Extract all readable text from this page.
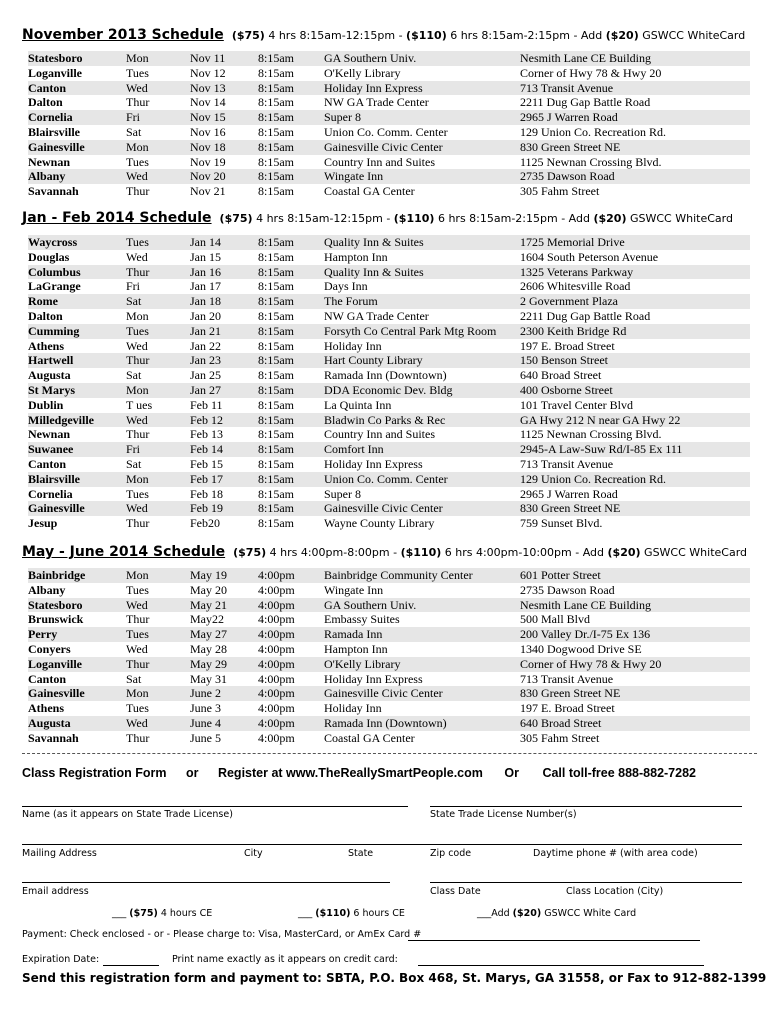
November 2013 Schedule ($75) 4 hrs 8:15am-12:15pm - ($110) 6 hrs 8:15am-2:15pm - Add ($20) GSWCC WhiteCard
Statesboro	Mon	Nov 11	8:15am	GA Southern Univ.	Nesmith Lane CE Building
Loganville	Tues	Nov 12	8:15am	O'Kelly Library	Corner of Hwy 78 & Hwy 20
Canton	Wed	Nov 13	8:15am	Holiday Inn Express	713 Transit Avenue
Dalton	Thur	Nov 14	8:15am	NW GA Trade Center	2211 Dug Gap Battle Road
Cornelia	Fri	Nov 15	8:15am	Super 8	2965 J Warren Road
Blairsville	Sat	Nov 16	8:15am	Union Co. Comm. Center	129 Union Co. Recreation Rd.
Gainesville	Mon	Nov 18	8:15am	Gainesville Civic Center	830 Green Street NE
Newnan	Tues	Nov 19	8:15am	Country Inn and Suites	1125 Newnan Crossing Blvd.
Albany	Wed	Nov 20	8:15am	Wingate Inn	2735 Dawson Road
Savannah	Thur	Nov 21	8:15am	Coastal GA Center	305 Fahm Street
Jan - Feb 2014 Schedule ($75) 4 hrs 8:15am-12:15pm - ($110) 6 hrs 8:15am-2:15pm - Add ($20) GSWCC WhiteCard
Waycross	Tues	Jan 14	8:15am	Quality Inn & Suites	1725 Memorial Drive
Douglas	Wed	Jan 15	8:15am	Hampton Inn	1604 South Peterson Avenue
Columbus	Thur	Jan 16	8:15am	Quality Inn & Suites	1325 Veterans Parkway
LaGrange	Fri	Jan 17	8:15am	Days Inn	2606 Whitesville Road
Rome	Sat	Jan 18	8:15am	The Forum	2 Government Plaza
Dalton	Mon	Jan 20	8:15am	NW GA Trade Center	2211 Dug Gap Battle Road
Cumming	Tues	Jan 21	8:15am	Forsyth Co Central Park Mtg Room	2300 Keith Bridge Rd
Athens	Wed	Jan 22	8:15am	Holiday Inn	197 E. Broad Street
Hartwell	Thur	Jan 23	8:15am	Hart County Library	150 Benson Street
Augusta	Sat	Jan 25	8:15am	Ramada Inn (Downtown)	640 Broad Street
St Marys	Mon	Jan 27	8:15am	DDA Economic Dev. Bldg	400 Osborne Street
Dublin	T ues	Feb 11	8:15am	La Quinta Inn	101 Travel Center Blvd
Milledgeville	Wed	Feb 12	8:15am	Bladwin Co Parks & Rec	GA Hwy 212 N near GA Hwy 22
Newnan	Thur	Feb 13	8:15am	Country Inn and Suites	1125 Newnan Crossing Blvd.
Suwanee	Fri	Feb 14	8:15am	Comfort Inn	2945-A Law-Suw Rd/I-85 Ex 111
Canton	Sat	Feb 15	8:15am	Holiday Inn Express	713 Transit Avenue
Blairsville	Mon	Feb 17	8:15am	Union Co. Comm. Center	129 Union Co. Recreation Rd.
Cornelia	Tues	Feb 18	8:15am	Super 8	2965 J Warren Road
Gainesville	Wed	Feb 19	8:15am	Gainesville Civic Center	830 Green Street NE
Jesup	Thur	Feb20	8:15am	Wayne County Library	759 Sunset Blvd.
May - June 2014 Schedule ($75) 4 hrs 4:00pm-8:00pm - ($110) 6 hrs 4:00pm-10:00pm - Add ($20) GSWCC WhiteCard
Bainbridge	Mon	May 19	4:00pm	Bainbridge Community Center	601 Potter Street
Albany	Tues	May 20	4:00pm	Wingate Inn	2735 Dawson Road
Statesboro	Wed	May 21	4:00pm	GA Southern Univ.	Nesmith Lane CE Building
Brunswick	Thur	May22	4:00pm	Embassy Suites	500 Mall Blvd
Perry	Tues	May 27	4:00pm	Ramada Inn	200 Valley Dr./I-75 Ex 136
Conyers	Wed	May 28	4:00pm	Hampton Inn	1340 Dogwood Drive SE
Loganville	Thur	May 29	4:00pm	O'Kelly Library	Corner of Hwy 78 & Hwy 20
Canton	Sat	May 31	4:00pm	Holiday Inn Express	713 Transit Avenue
Gainesville	Mon	June 2	4:00pm	Gainesville Civic Center	830 Green Street NE
Athens	Tues	June 3	4:00pm	Holiday Inn	197 E. Broad Street
Augusta	Wed	June 4	4:00pm	Ramada Inn (Downtown)	640 Broad Street
Savannah	Thur	June 5	4:00pm	Coastal GA Center	305 Fahm Street
Class Registration Form or Register at www.TheReallySmartPeople.com Or Call toll-free 888-882-7282
Name (as it appears on State Trade License)	State Trade License Number(s)
Mailing Address	City	State	Zip code	Daytime phone # (with area code)
Email address	Class Date	Class Location (City)
___ ($75) 4 hours CE	___ ($110) 6 hours CE	___Add ($20) GSWCC White Card
Payment: Check enclosed - or - Please charge to: Visa, MasterCard, or AmEx Card #
Expiration Date:	Print name exactly as it appears on credit card:
Send this registration form and payment to: SBTA, P.O. Box 468, St. Marys, GA 31558, or Fax to 912-882-1399
